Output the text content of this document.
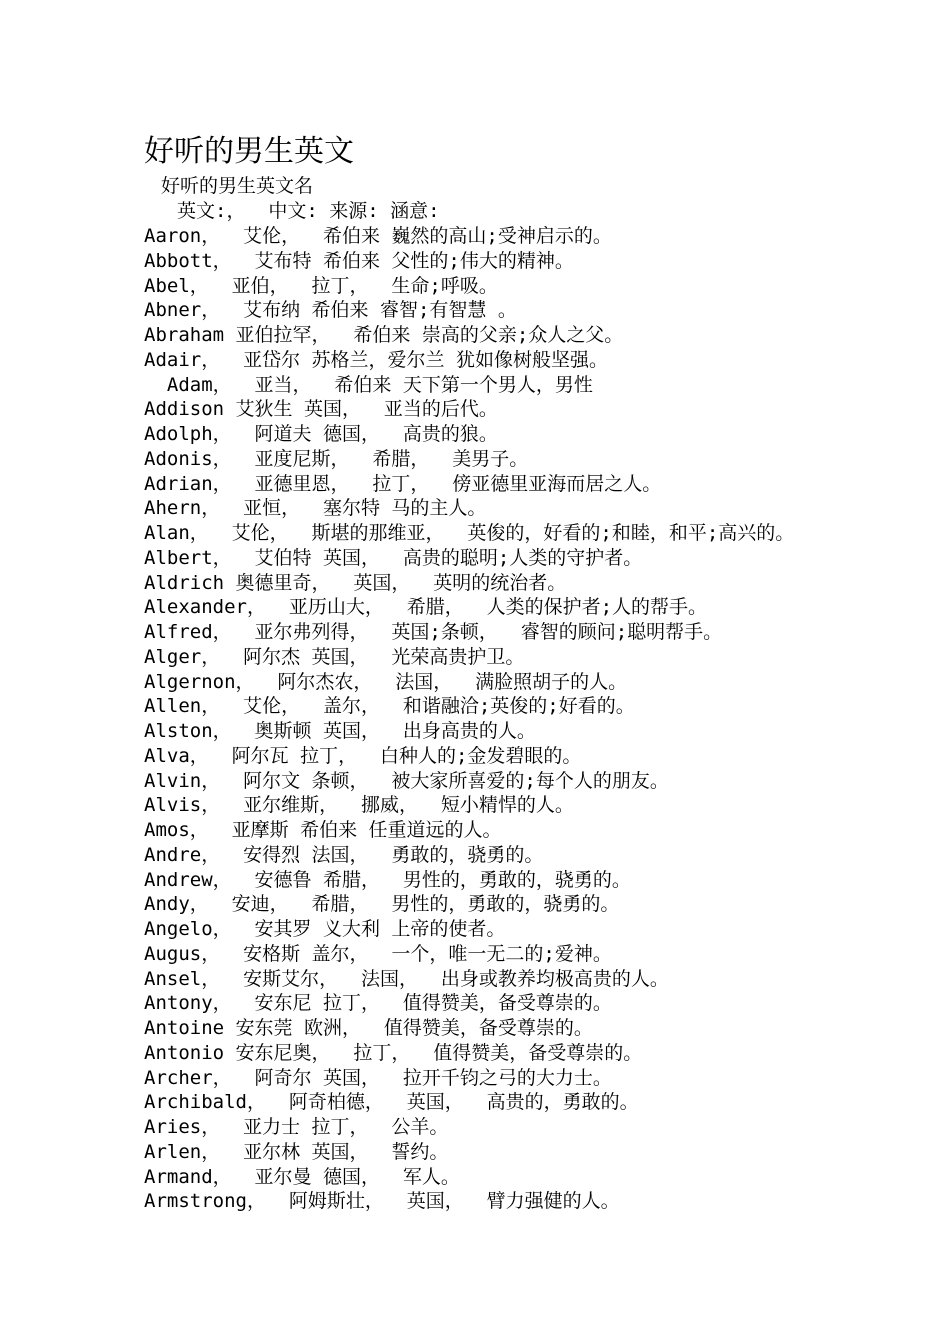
好听的男生英文
好听的男生英文名
英文:，  中文: 来源: 涵意:
Aaron，  艾伦，  希伯来 巍然的高山;受神启示的。
Abbott，  艾布特 希伯来 父性的;伟大的精神。
Abel，  亚伯，  拉丁，  生命;呼吸。
Abner，  艾布纳 希伯来 睿智;有智慧 。
Abraham 亚伯拉罕，  希伯来 崇高的父亲;众人之父。
Adair，  亚岱尔 苏格兰，爱尔兰 犹如像树般坚强。
Adam，  亚当，  希伯来 天下第一个男人，男性
Addison 艾狄生 英国，  亚当的后代。
Adolph，  阿道夫 德国，  高贵的狼。
Adonis，  亚度尼斯，  希腊，  美男子。
Adrian，  亚德里恩，  拉丁，  傍亚德里亚海而居之人。
Ahern，  亚恒，  塞尔特 马的主人。
Alan，  艾伦，  斯堪的那维亚，  英俊的，好看的;和睦，和平;高兴的。
Albert，  艾伯特 英国，  高贵的聪明;人类的守护者。
Aldrich 奥德里奇，  英国，  英明的统治者。
Alexander，  亚历山大，  希腊，  人类的保护者;人的帮手。
Alfred，  亚尔弗列得，  英国;条顿，  睿智的顾问;聪明帮手。
Alger，  阿尔杰 英国，  光荣高贵护卫。
Algernon，  阿尔杰农，  法国，  满脸照胡子的人。
Allen，  艾伦，  盖尔，  和谐融洽;英俊的;好看的。
Alston，  奥斯顿 英国，  出身高贵的人。
Alva，  阿尔瓦 拉丁，  白种人的;金发碧眼的。
Alvin，  阿尔文 条顿，  被大家所喜爱的;每个人的朋友。
Alvis，  亚尔维斯，  挪威，  短小精悍的人。
Amos，  亚摩斯 希伯来 任重道远的人。
Andre，  安得烈 法国，  勇敢的，骁勇的。
Andrew，  安德鲁 希腊，  男性的，勇敢的，骁勇的。
Andy，  安迪，  希腊，  男性的，勇敢的，骁勇的。
Angelo，  安其罗 义大利 上帝的使者。
Augus，  安格斯 盖尔，  一个，唯一无二的;爱神。
Ansel，  安斯艾尔，  法国，  出身或教养均极高贵的人。
Antony，  安东尼 拉丁，  值得赞美，备受尊崇的。
Antoine 安东莞 欧洲，  值得赞美，备受尊崇的。
Antonio 安东尼奥，  拉丁，  值得赞美，备受尊崇的。
Archer，  阿奇尔 英国，  拉开千钧之弓的大力士。
Archibald，  阿奇柏德，  英国，  高贵的，勇敢的。
Aries，  亚力士 拉丁，  公羊。
Arlen，  亚尔林 英国，  誓约。
Armand，  亚尔曼 德国，  军人。
Armstrong，  阿姆斯壮，  英国，  臂力强健的人。
